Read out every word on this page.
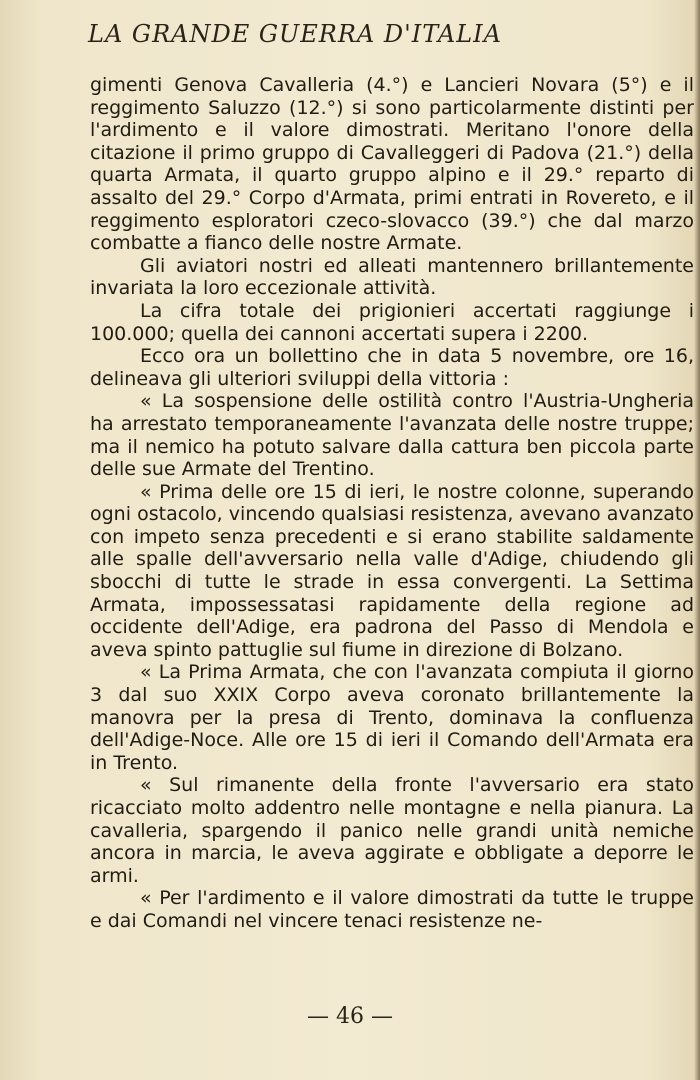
LA GRANDE GUERRA D'ITALIA

gimenti Genova Cavalleria (4.°) e Lancieri Novara (5°) e il reggimento Saluzzo (12.°) si sono particolarmente distinti per l'ardimento e il valore dimostrati. Meritano l'onore della citazione il primo gruppo di Cavalleggeri di Padova (21.°) della quarta Armata, il quarto gruppo alpino e il 29.° reparto di assalto del 29.° Corpo d'Armata, primi entrati in Rovereto, e il reggimento esploratori czeco-slovacco (39.°) che dal marzo combatte a fianco delle nostre Armate.

Gli aviatori nostri ed alleati mantennero brillantemente invariata la loro eccezionale attività.

La cifra totale dei prigionieri accertati raggiunge i 100.000; quella dei cannoni accertati supera i 2200.

Ecco ora un bollettino che in data 5 novembre, ore 16, delineava gli ulteriori sviluppi della vittoria :

« La sospensione delle ostilità contro l'Austria-Ungheria ha arrestato temporaneamente l'avanzata delle nostre truppe; ma il nemico ha potuto salvare dalla cattura ben piccola parte delle sue Armate del Trentino.

« Prima delle ore 15 di ieri, le nostre colonne, superando ogni ostacolo, vincendo qualsiasi resistenza, avevano avanzato con impeto senza precedenti e si erano stabilite saldamente alle spalle dell'avversario nella valle d'Adige, chiudendo gli sbocchi di tutte le strade in essa convergenti. La Settima Armata, impossessatasi rapidamente della regione ad occidente dell'Adige, era padrona del Passo di Mendola e aveva spinto pattuglie sul fiume in direzione di Bolzano.

« La Prima Armata, che con l'avanzata compiuta il giorno 3 dal suo XXIX Corpo aveva coronato brillantemente la manovra per la presa di Trento, dominava la confluenza dell'Adige-Noce. Alle ore 15 di ieri il Comando dell'Armata era in Trento.

« Sul rimanente della fronte l'avversario era stato ricacciato molto addentro nelle montagne e nella pianura. La cavalleria, spargendo il panico nelle grandi unità nemiche ancora in marcia, le aveva aggirate e obbligate a deporre le armi.

« Per l'ardimento e il valore dimostrati da tutte le truppe e dai Comandi nel vincere tenaci resistenze ne-

— 46 —
